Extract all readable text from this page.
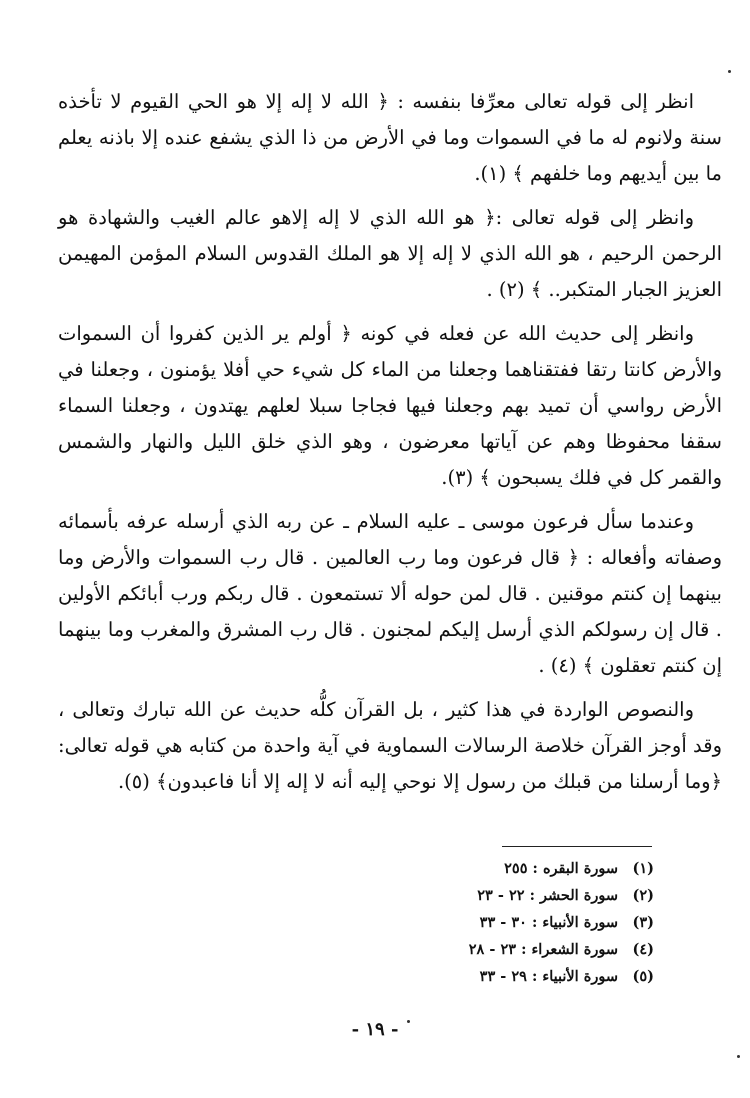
انظر إلى قوله تعالى معرِّفا بنفسه : ﴿ الله لا إله إلا هو الحي القيوم لا تأخذه سنة ولانوم له ما في السموات وما في الأرض من ذا الذي يشفع عنده إلا باذنه يعلم ما بين أيديهم وما خلفهم ﴾ (١).

وانظر إلى قوله تعالى :﴿ هو الله الذي لا إله إلاهو عالم الغيب والشهادة هو الرحمن الرحيم ، هو الله الذي لا إله إلا هو الملك القدوس السلام المؤمن المهيمن العزيز الجبار المتكبر.. ﴾ (٢) .

وانظر إلى حديث الله عن فعله في كونه ﴿ أولم ير الذين كفروا أن السموات والأرض كانتا رتقا ففتقناهما وجعلنا من الماء كل شيء حي أفلا يؤمنون ، وجعلنا في الأرض رواسي أن تميد بهم وجعلنا فيها فجاجا سبلا لعلهم يهتدون ، وجعلنا السماء سقفا محفوظا وهم عن آياتها معرضون ، وهو الذي خلق الليل والنهار والشمس والقمر كل في فلك يسبحون ﴾ (٣).

وعندما سأل فرعون موسى ـ عليه السلام ـ عن ربه الذي أرسله عرفه بأسمائه وصفاته وأفعاله : ﴿ قال فرعون وما رب العالمين . قال رب السموات والأرض وما بينهما إن كنتم موقنين . قال لمن حوله ألا تستمعون . قال ربكم ورب أبائكم الأولين . قال إن رسولكم الذي أرسل إليكم لمجنون . قال رب المشرق والمغرب وما بينهما إن كنتم تعقلون ﴾ (٤) .

والنصوص الواردة في هذا كثير ، بل القرآن كلُّه حديث عن الله تبارك وتعالى ، وقد أوجز القرآن خلاصة الرسالات السماوية في آية واحدة من كتابه هي قوله تعالى: ﴿وما أرسلنا من قبلك من رسول إلا نوحي إليه أنه لا إله إلا أنا فاعبدون﴾ (٥).

(١)
سورة البقره : ٢٥٥
(٢)
سورة الحشر : ٢٢ - ٢٣
(٣)
سورة الأنبياء : ٣٠ - ٣٣
(٤)
سورة الشعراء : ٢٣ - ٢٨
(٥)
سورة الأنبياء : ٢٩ - ٣٣
- ١٩ -
